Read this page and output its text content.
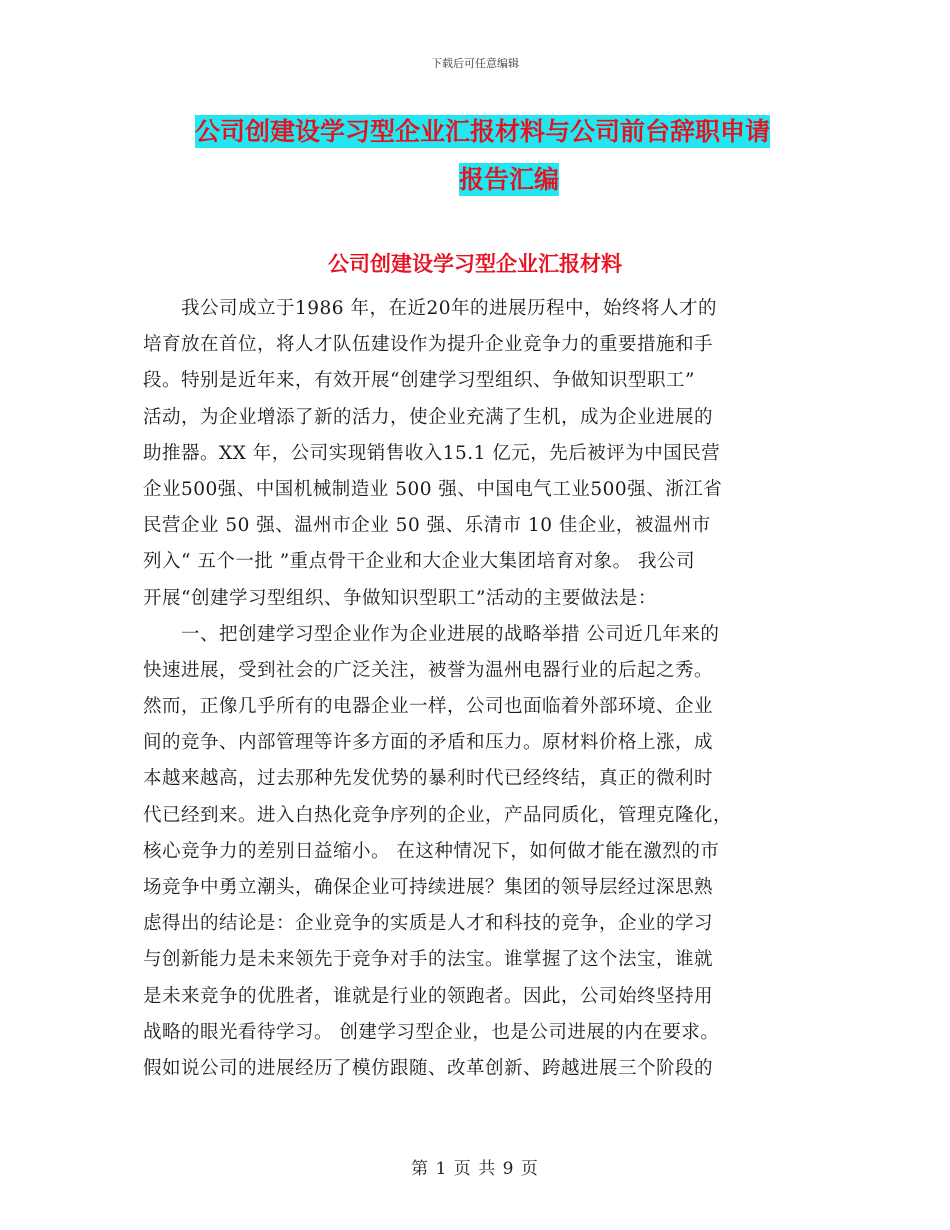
下载后可任意编辑
公司创建设学习型企业汇报材料与公司前台辞职申请
报告汇编
公司创建设学习型企业汇报材料
　　我公司成立于1986 年，在近20年的进展历程中，始终将人才的
培育放在首位，将人才队伍建设作为提升企业竞争力的重要措施和手
段。特别是近年来，有效开展“创建学习型组织、争做知识型职工”
活动，为企业增添了新的活力，使企业充满了生机，成为企业进展的
助推器。XX 年，公司实现销售收入15.1 亿元，先后被评为中国民营
企业500强、中国机械制造业 500 强、中国电气工业500强、浙江省
民营企业 50 强、温州市企业 50 强、乐清市 10 佳企业，被温州市
列入“ 五个一批 ”重点骨干企业和大企业大集团培育对象。 我公司
开展“创建学习型组织、争做知识型职工”活动的主要做法是：
　　一、把创建学习型企业作为企业进展的战略举措 公司近几年来的
快速进展，受到社会的广泛关注，被誉为温州电器行业的后起之秀。
然而，正像几乎所有的电器企业一样，公司也面临着外部环境、企业
间的竞争、内部管理等许多方面的矛盾和压力。原材料价格上涨，成
本越来越高，过去那种先发优势的暴利时代已经终结，真正的微利时
代已经到来。进入白热化竞争序列的企业，产品同质化，管理克隆化，
核心竞争力的差别日益缩小。 在这种情况下，如何做才能在激烈的市
场竞争中勇立潮头，确保企业可持续进展？集团的领导层经过深思熟
虑得出的结论是：企业竞争的实质是人才和科技的竞争，企业的学习
与创新能力是未来领先于竞争对手的法宝。谁掌握了这个法宝，谁就
是未来竞争的优胜者，谁就是行业的领跑者。因此，公司始终坚持用
战略的眼光看待学习。 创建学习型企业，也是公司进展的内在要求。
假如说公司的进展经历了模仿跟随、改革创新、跨越进展三个阶段的
第 1 页 共 9 页
